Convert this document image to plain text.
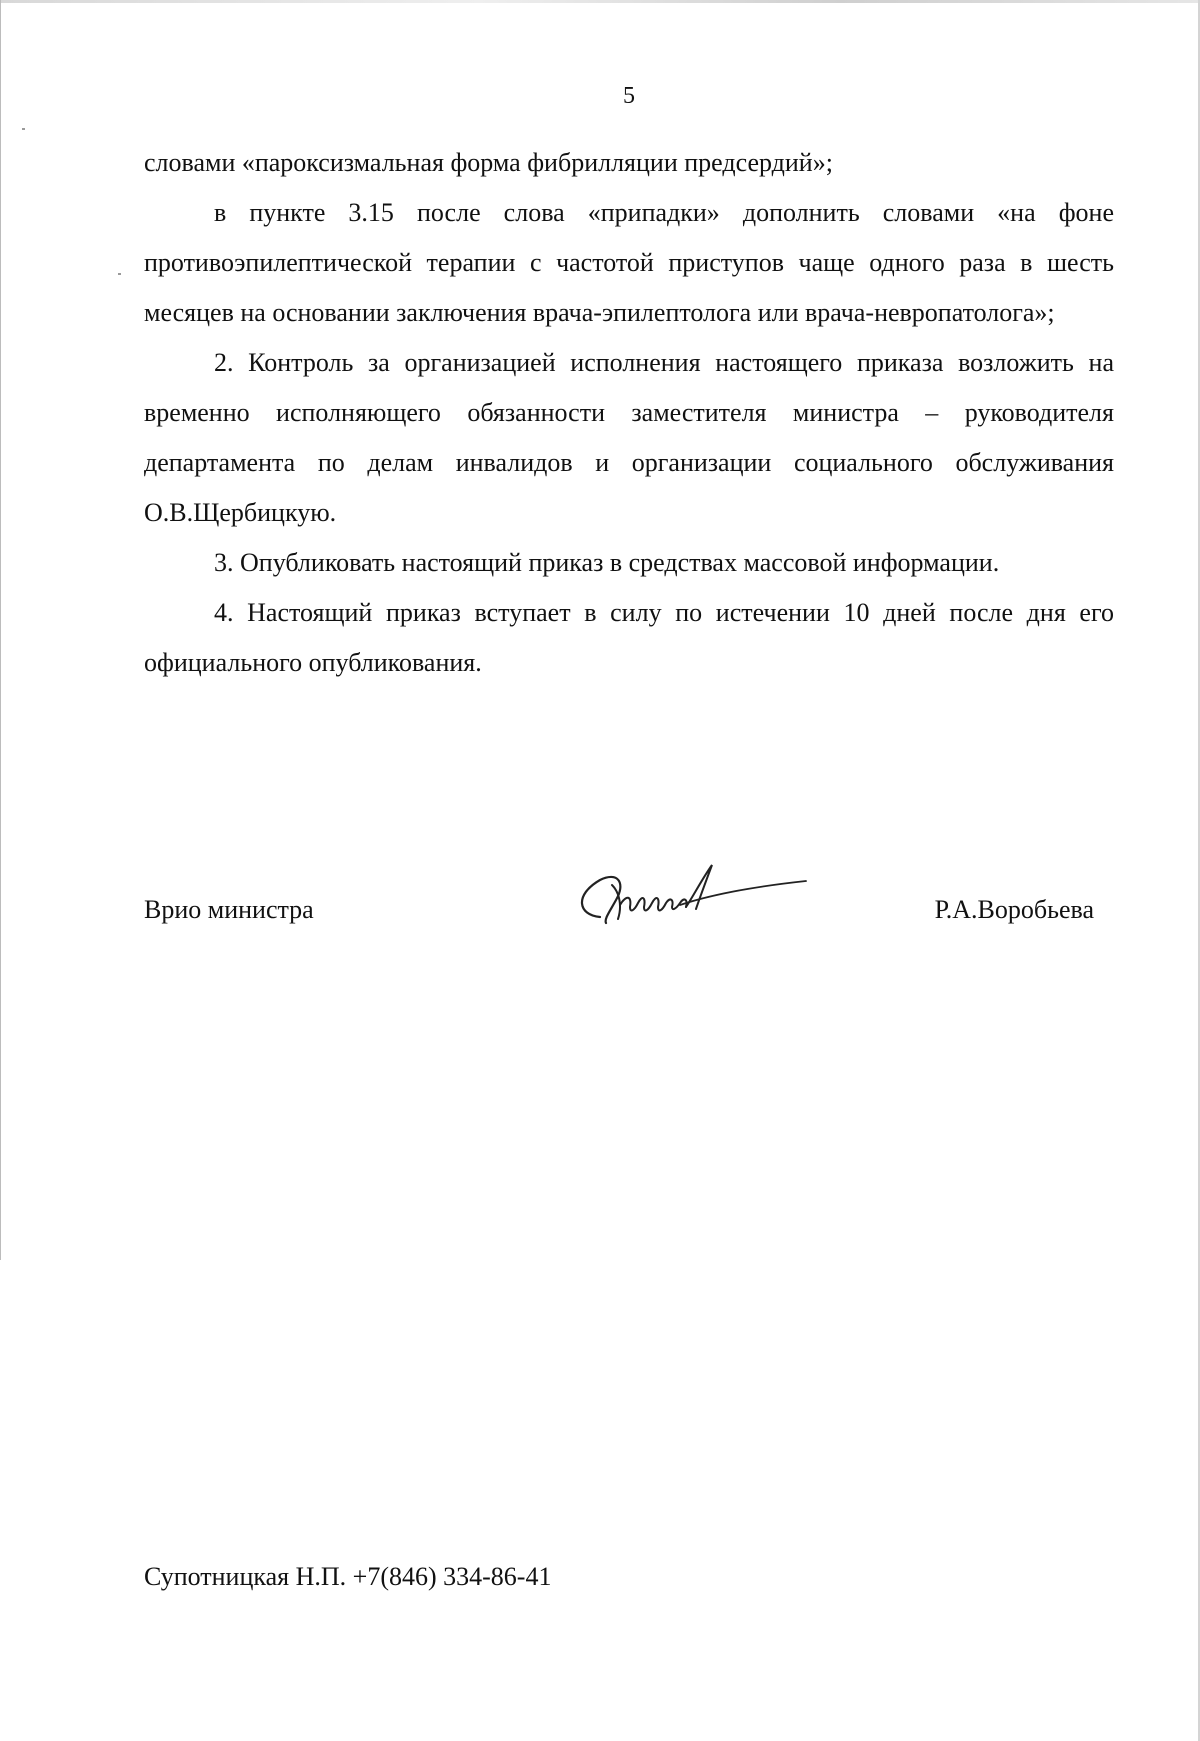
5

словами «пароксизмальная форма фибрилляции предсердий»;

в пункте 3.15 после слова «припадки» дополнить словами «на фоне противоэпилептической терапии с частотой приступов чаще одного раза в шесть месяцев на основании заключения врача-эпилептолога или врача-невропатолога»;

2. Контроль за организацией исполнения настоящего приказа возложить на временно исполняющего обязанности заместителя министра – руководителя департамента по делам инвалидов и организации социального обслуживания О.В.Щербицкую.

3. Опубликовать настоящий приказ в средствах массовой информации.

4. Настоящий приказ вступает в силу по истечении 10 дней после дня его официального опубликования.

Врио министра	Р.А.Воробьева
Супотницкая Н.П. +7(846) 334-86-41
